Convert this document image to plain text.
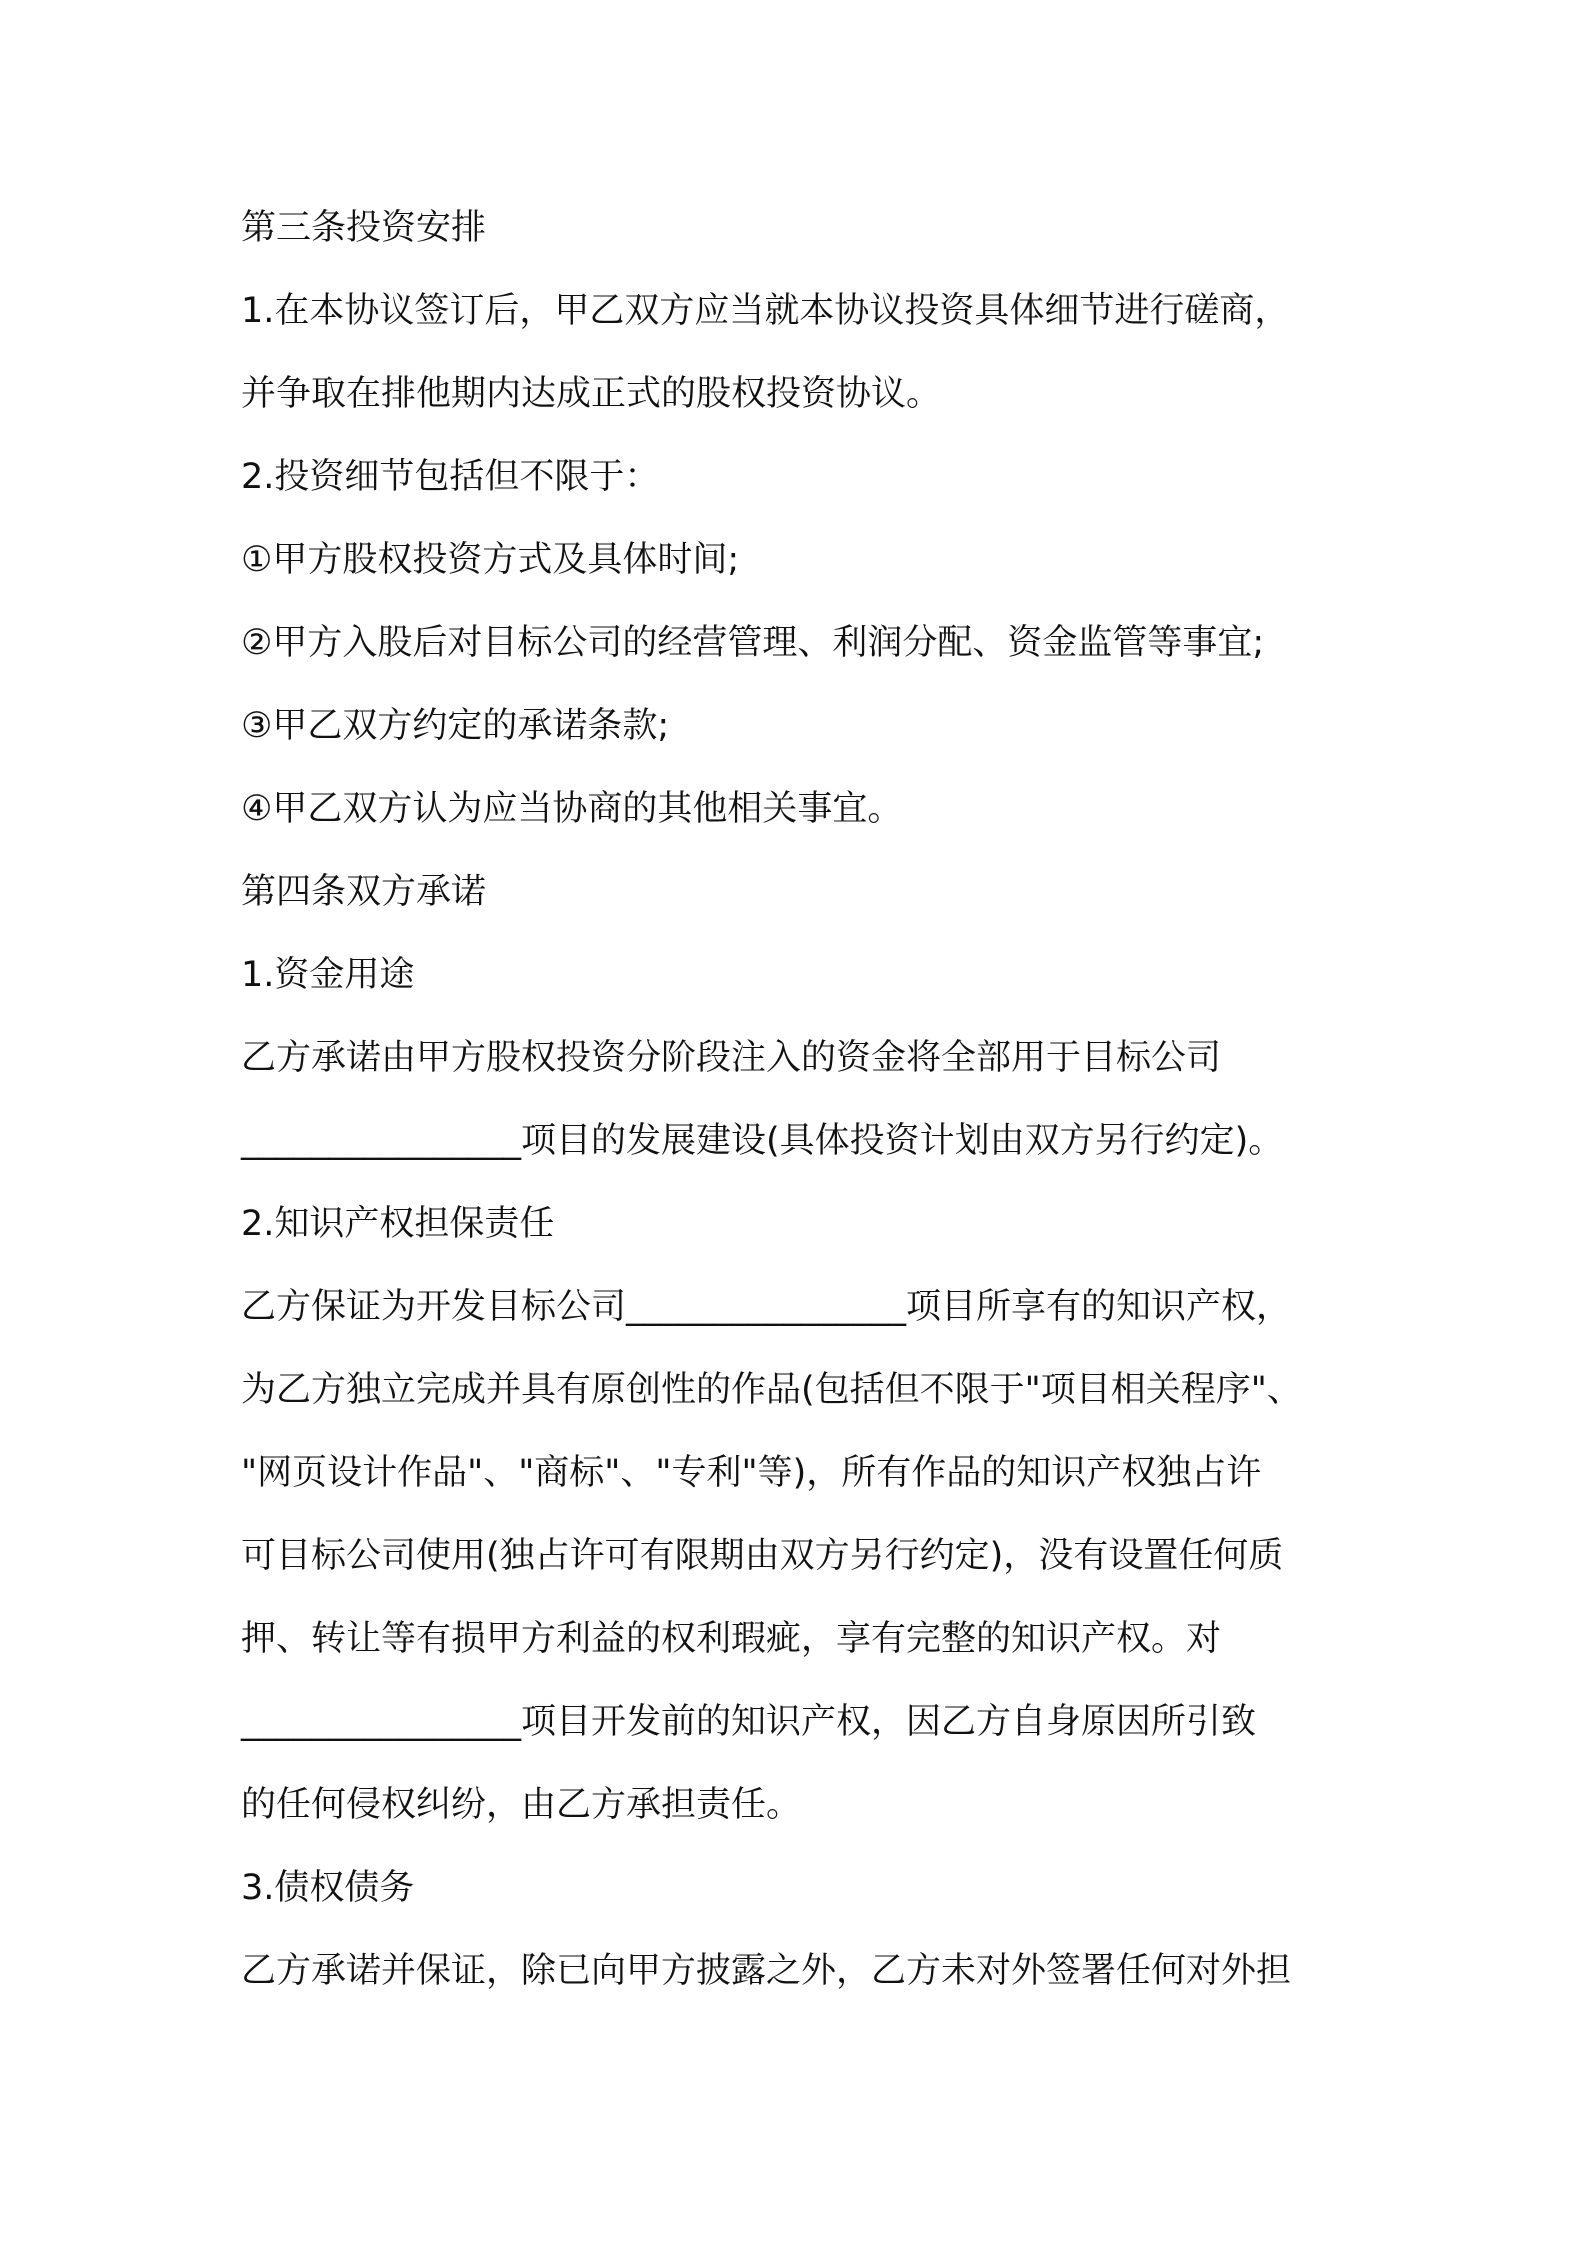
第三条投资安排
1.在本协议签订后，甲乙双方应当就本协议投资具体细节进行磋商，
并争取在排他期内达成正式的股权投资协议。
2.投资细节包括但不限于：
①甲方股权投资方式及具体时间;
②甲方入股后对目标公司的经营管理、利润分配、资金监管等事宜;
③甲乙双方约定的承诺条款;
④甲乙双方认为应当协商的其他相关事宜。
第四条双方承诺
1.资金用途
乙方承诺由甲方股权投资分阶段注入的资金将全部用于目标公司
________________项目的发展建设(具体投资计划由双方另行约定)。
2.知识产权担保责任
乙方保证为开发目标公司________________项目所享有的知识产权，
为乙方独立完成并具有原创性的作品(包括但不限于"项目相关程序"、
"网页设计作品"、"商标"、"专利"等)，所有作品的知识产权独占许
可目标公司使用(独占许可有限期由双方另行约定)，没有设置任何质
押、转让等有损甲方利益的权利瑕疵，享有完整的知识产权。对
________________项目开发前的知识产权，因乙方自身原因所引致
的任何侵权纠纷，由乙方承担责任。
3.债权债务
乙方承诺并保证，除已向甲方披露之外，乙方未对外签署任何对外担
